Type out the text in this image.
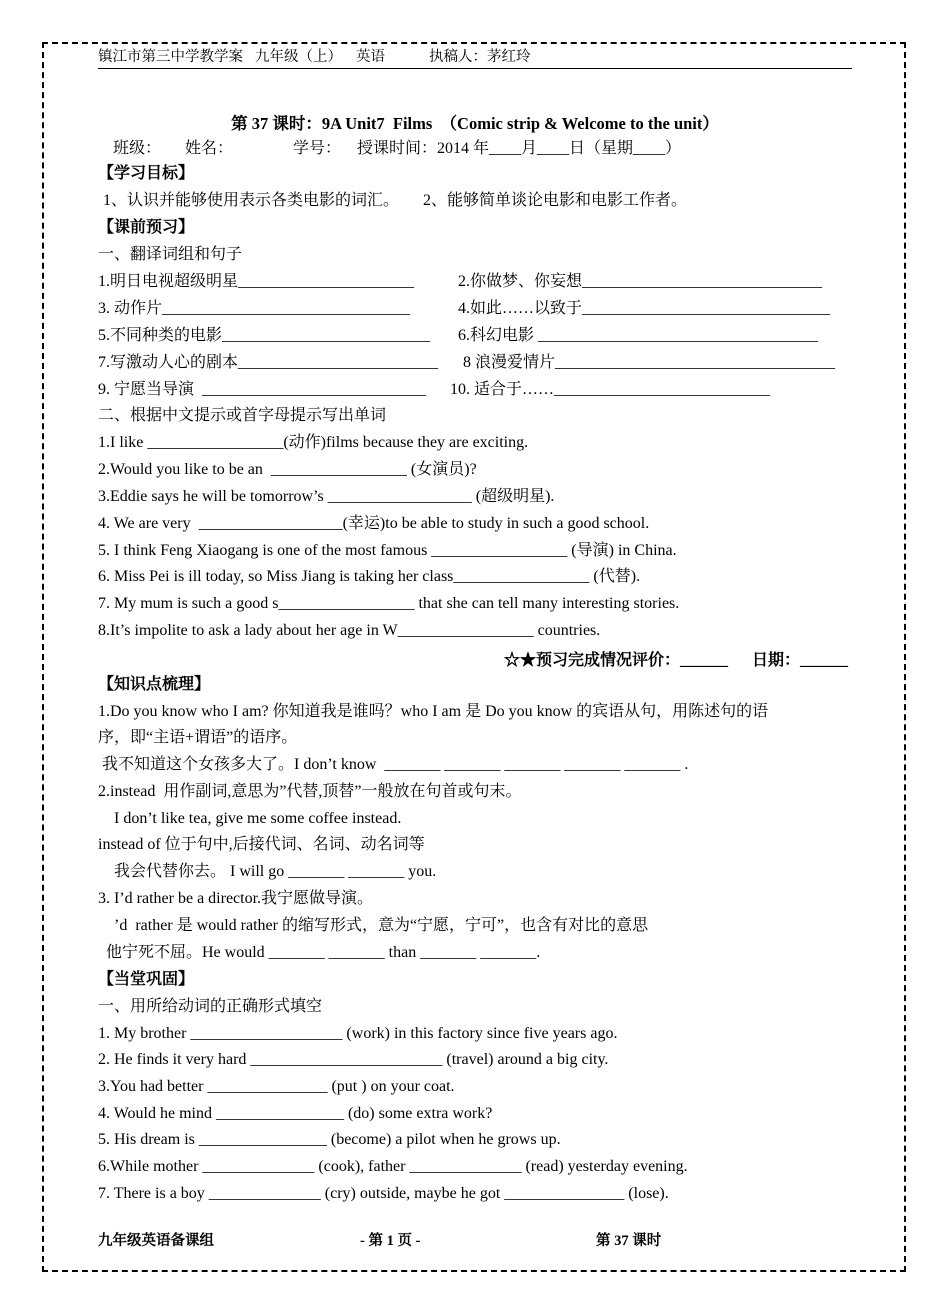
镇江市第三中学教学案 九年级（上） 英语	执稿人：茅红玲
第 37 课时：9A Unit7  Films  （Comic strip & Welcome to the unit）
班级：      姓名：               学号：    授课时间：2014 年____月____日（星期____）
【学习目标】
1、认识并能够使用表示各类电影的词汇。      2、能够简单谈论电影和电影工作者。
【课前预习】
一、翻译词组和句子
1.明日电视超级明星______________________	2.你做梦、你妄想______________________________
3. 动作片_______________________________	4.如此……以致于_______________________________
5.不同种类的电影__________________________ 6.科幻电影 ___________________________________
7.写激动人心的剧本_________________________ 8 浪漫爱情片___________________________________
9. 宁愿当导演  ____________________________ 10. 适合于……___________________________
二、根据中文提示或首字母提示写出单词
1.I like _________________(动作)films because they are exciting.
2.Would you like to be an  _________________ (女演员)?
3.Eddie says he will be tomorrow’s __________________ (超级明星).
4. We are very  __________________(幸运)to be able to study in such a good school.
5. I think Feng Xiaogang is one of the most famous _________________ (导演) in China.
6. Miss Pei is ill today, so Miss Jiang is taking her class_________________ (代替).
7. My mum is such a good s_________________ that she can tell many interesting stories.
8.It’s impolite to ask a lady about her age in W_________________ countries.
☆★预习完成情况评价：______      日期：______
【知识点梳理】
1.Do you know who I am? 你知道我是谁吗？who I am 是 Do you know 的宾语从句，用陈述句的语
序，即“主语+谓语”的语序。
我不知道这个女孩多大了。I don’t know  _______ _______ _______ _______ _______ .
2.instead  用作副词,意思为”代替,顶替”一般放在句首或句末。
I don’t like tea, give me some coffee instead.
instead of 位于句中,后接代词、名词、动名词等
我会代替你去。 I will go _______ _______ you.
3. I’d rather be a director.我宁愿做导演。
’d  rather 是 would rather 的缩写形式，意为“宁愿，宁可”，也含有对比的意思
他宁死不屈。He would _______ _______ than _______ _______.
【当堂巩固】
一、用所给动词的正确形式填空
1. My brother ___________________ (work) in this factory since five years ago.
2. He finds it very hard ________________________ (travel) around a big city.
3.You had better _______________ (put ) on your coat.
4. Would he mind ________________ (do) some extra work?
5. His dream is ________________ (become) a pilot when he grows up.
6.While mother ______________ (cook), father ______________ (read) yesterday evening.
7. There is a boy ______________ (cry) outside, maybe he got _______________ (lose).
九年级英语备课组	- 第 1 页 -	第 37 课时
